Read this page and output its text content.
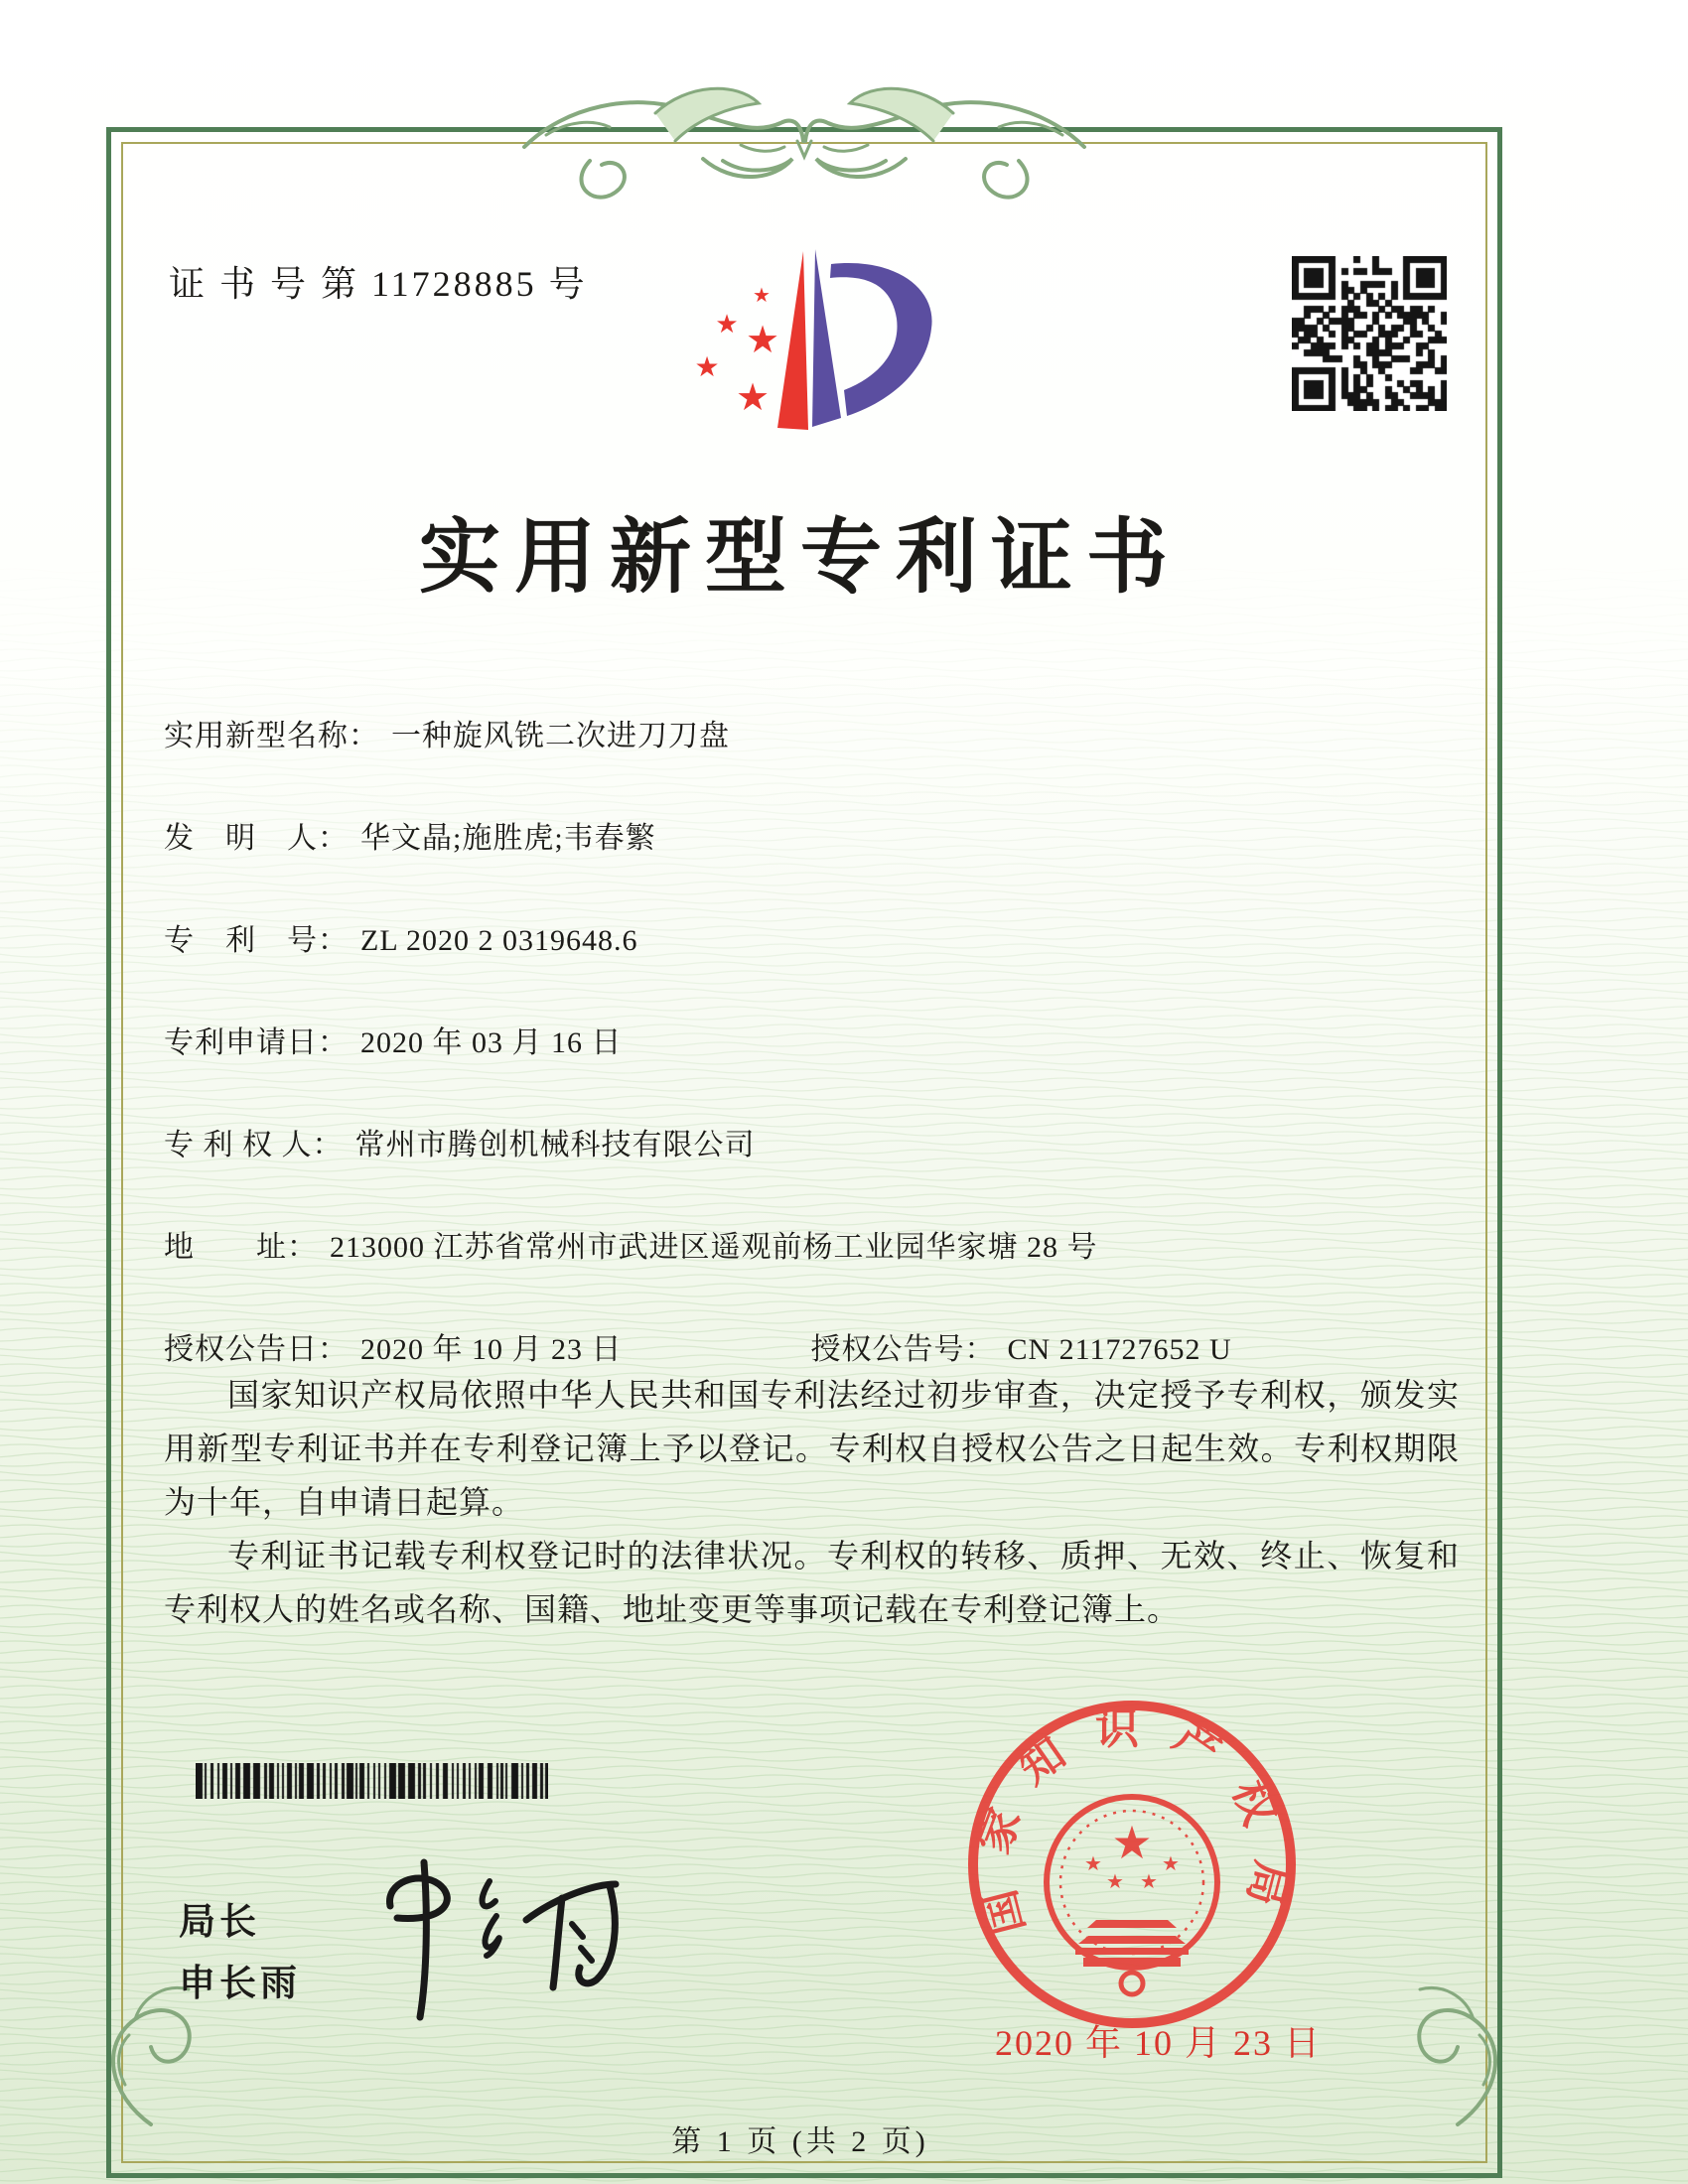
证 书 号 第 11728885 号	★
★ ★
★
★
实用新型专利证书
实用新型名称： 一种旋风铣二次进刀刀盘
发　明　人： 华文晶;施胜虎;韦春繁
专　利　号： ZL 2020 2 0319648.6
专利申请日： 2020 年 03 月 16 日
专 利 权 人： 常州市腾创机械科技有限公司
地　　址： 213000 江苏省常州市武进区遥观前杨工业园华家塘 28 号
授权公告日： 2020 年 10 月 23 日	授权公告号： CN 211727652 U

国家知识产权局依照中华人民共和国专利法经过初步审查，决定授予专利权，颁发实用新型专利证书并在专利登记簿上予以登记。专利权自授权公告之日起生效。专利权期限为十年，自申请日起算。

专利证书记载专利权登记时的法律状况。专利权的转移、质押、无效、终止、恢复和专利权人的姓名或名称、国籍、地址变更等事项记载在专利登记簿上。

局长
申长雨
国家知识产权局
★
★
★ ★
★
2020 年 10 月 23 日
第 1 页 (共 2 页)
